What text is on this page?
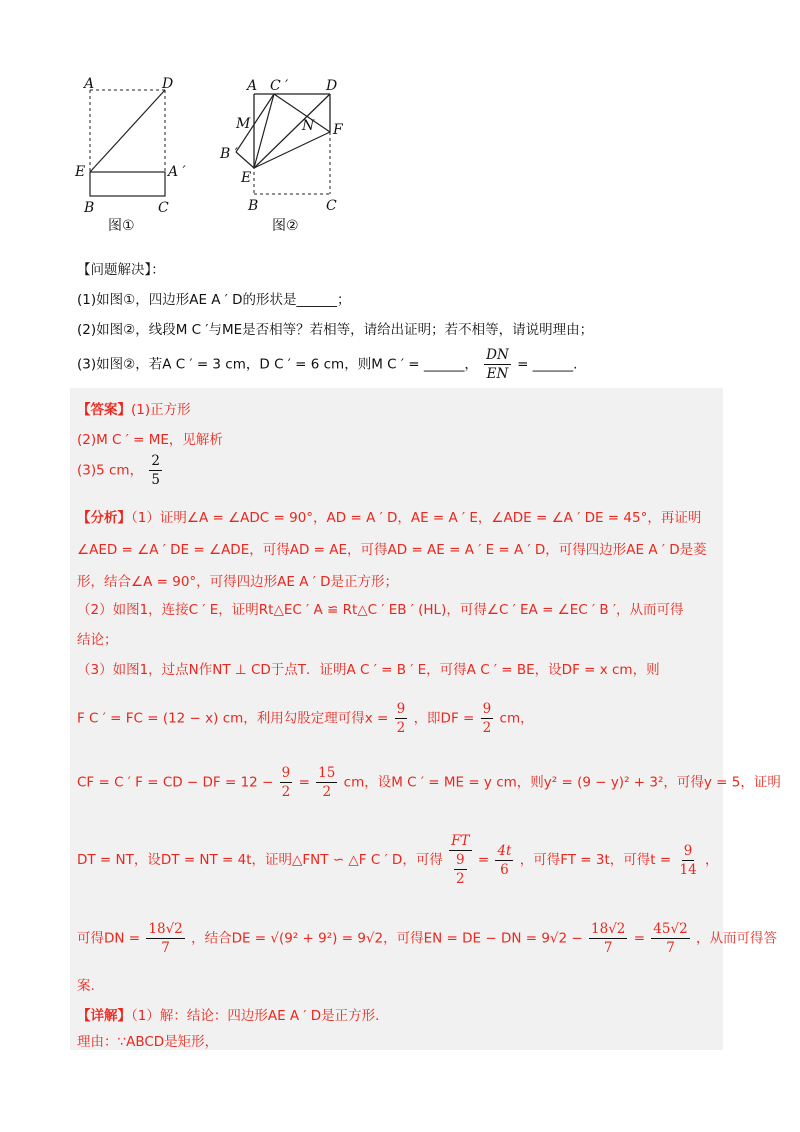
A	D
E	A ′
B	C
图①
A C ′	D
M	N F
B ′
E
B	C
图②
【问题解决】：
(1)如图①，四边形AE A ′ D的形状是______；
(2)如图②，线段M C ′与ME是否相等？若相等，请给出证明；若不相等，请说明理由；
(3)如图②，若A C ′ = 3 cm，D C ′ = 6 cm，则M C ′ = ______， $\frac{DN}{EN}$ = ______.
【答案】(1)正方形
(2)M C ′ = ME，见解析
(3)5 cm， $\frac{2}{5}$
【分析】（1）证明∠A = ∠ADC = 90°，AD = A ′ D，AE = A ′ E，∠ADE = ∠A ′ DE = 45°，再证明
∠AED = ∠A ′ DE = ∠ADE，可得AD = AE，可得AD = AE = A ′ E = A ′ D，可得四边形AE A ′ D是菱
形，结合∠A = 90°，可得四边形AE A ′ D是正方形；
（2）如图1，连接C ′ E，证明Rt△EC ′ A ≌ Rt△C ′ EB ′ (HL)，可得∠C ′ EA = ∠EC ′ B ′，从而可得
结论；
（3）如图1，过点N作NT ⊥ CD于点T．证明A C ′ = B ′ E，可得A C ′ = BE，设DF = x cm，则
F C ′ = FC = (12 − x) cm，利用勾股定理可得$x = \frac{9}{2}$ ，即DF = $\frac{9}{2}$ cm，
CF = C ′ F = CD − DF = $12 - \frac{9}{2} = \frac{15}{2}$ cm，设M C ′ = ME = y cm，则y² = (9 − y)² + 3²，可得y = 5，证明
DT = NT，设DT = NT = 4t，证明△FNT ∽ △F C ′ D，可得 $\frac{FT}{\frac{9}{2}} = \frac{4t}{6}$ ，可得FT = 3t，可得$t = \frac{9}{14}$ ，
可得DN = $\frac{18√2}{7}$ ，结合DE = √(9² + 9²) = 9√2，可得EN = DE − DN = $9√2 - \frac{18√2}{7} = \frac{45√2}{7}$ ，从而可得答
案.
【详解】（1）解：结论：四边形AE A ′ D是正方形．
理由：∵ABCD是矩形，
